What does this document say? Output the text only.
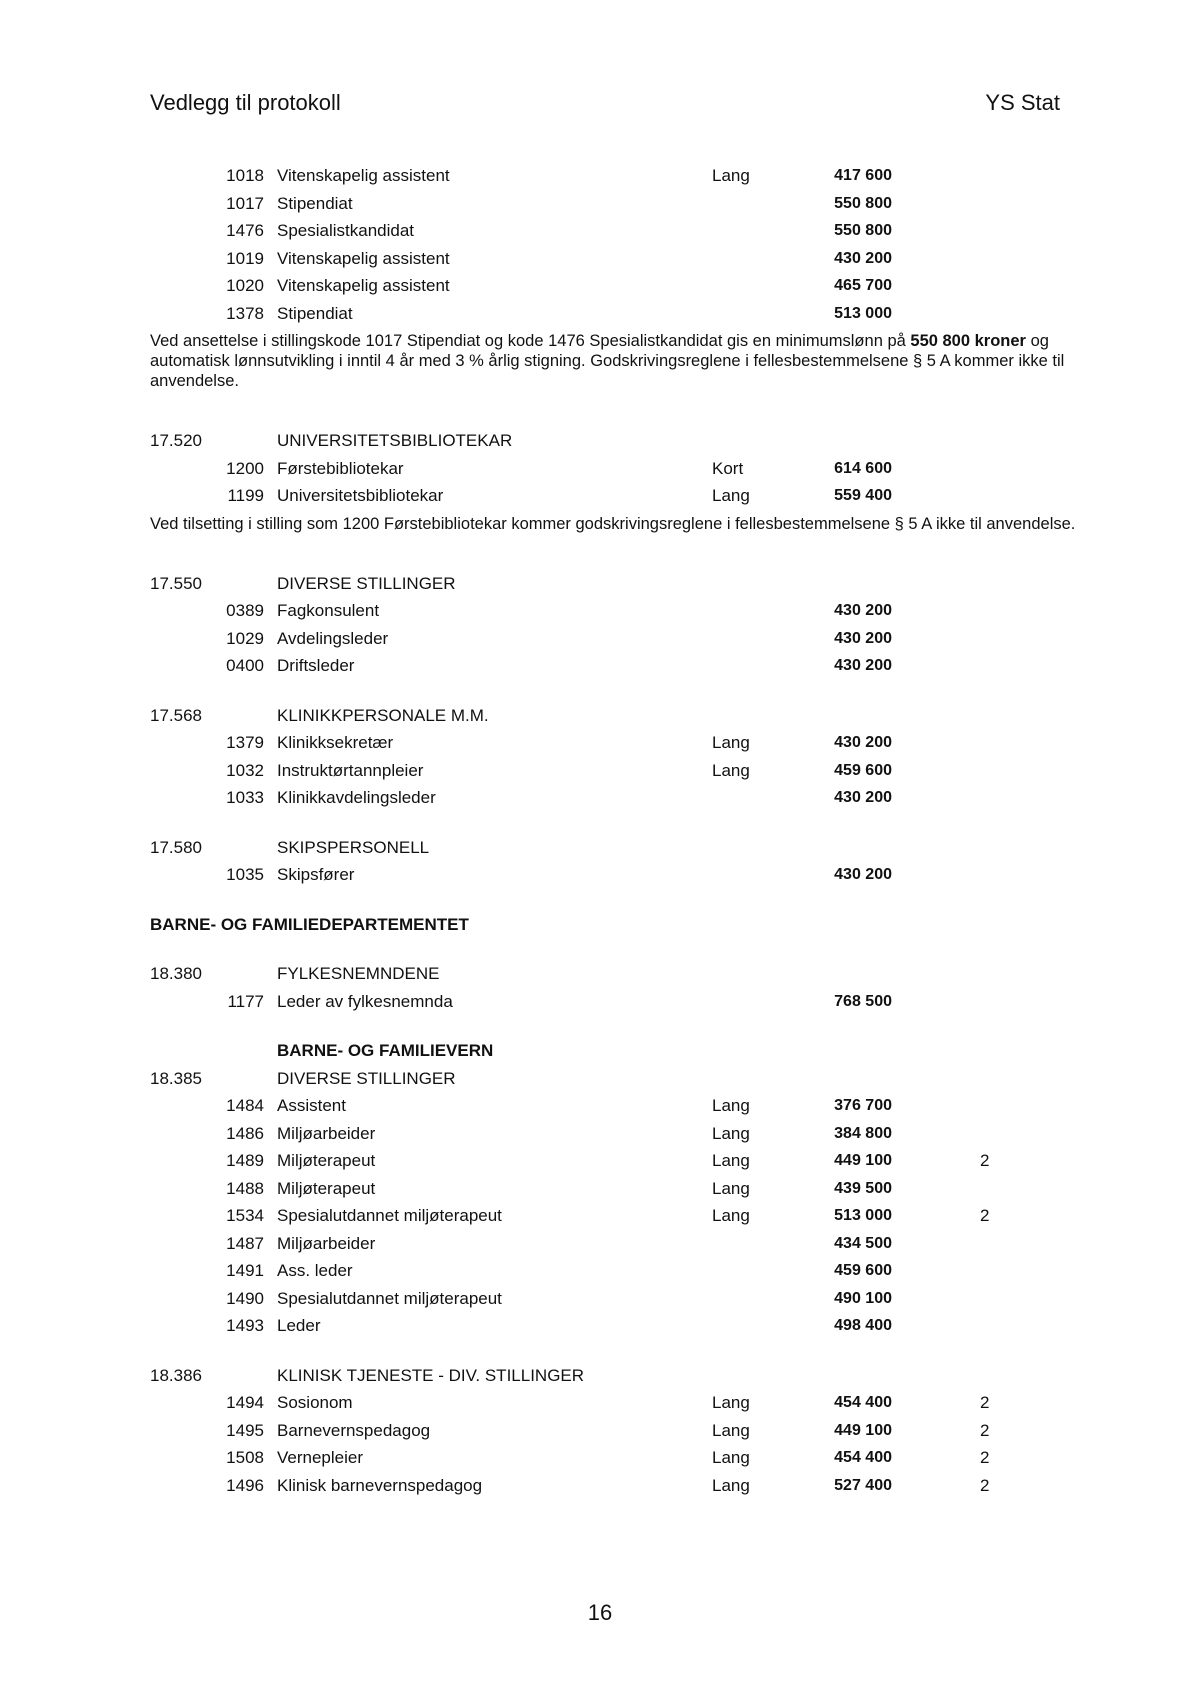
Vedlegg til protokoll	YS Stat
1018 Vitenskapelig assistent	Lang	417 600
1017 Stipendiat	550 800
1476 Spesialistkandidat	550 800
1019 Vitenskapelig assistent	430 200
1020 Vitenskapelig assistent	465 700
1378 Stipendiat	513 000

Ved ansettelse i stillingskode 1017 Stipendiat og kode 1476 Spesialistkandidat gis en minimumslønn på 550 800 kroner og automatisk lønnsutvikling i inntil 4 år med 3 % årlig stigning. Godskrivingsreglene i fellesbestemmelsene § 5 A kommer ikke til anvendelse.

17.520	UNIVERSITETSBIBLIOTEKAR
1200 Førstebibliotekar	Kort	614 600
1199 Universitetsbibliotekar	Lang	559 400

Ved tilsetting i stilling som 1200 Førstebibliotekar kommer godskrivingsreglene i fellesbestemmelsene § 5 A ikke til anvendelse.

17.550	DIVERSE STILLINGER
0389 Fagkonsulent	430 200
1029 Avdelingsleder	430 200
0400 Driftsleder	430 200
17.568	KLINIKKPERSONALE M.M.
1379 Klinikksekretær	Lang	430 200
1032 Instruktørtannpleier	Lang	459 600
1033 Klinikkavdelingsleder	430 200
17.580	SKIPSPERSONELL
1035 Skipsfører	430 200
BARNE- OG FAMILIEDEPARTEMENTET
18.380	FYLKESNEMNDENE
1177 Leder av fylkesnemnda	768 500
BARNE- OG FAMILIEVERN
18.385	DIVERSE STILLINGER
1484 Assistent	Lang	376 700
1486 Miljøarbeider	Lang	384 800
1489 Miljøterapeut	Lang	449 100	2
1488 Miljøterapeut	Lang	439 500
1534 Spesialutdannet miljøterapeut	Lang	513 000	2
1487 Miljøarbeider	434 500
1491 Ass. leder	459 600
1490 Spesialutdannet miljøterapeut	490 100
1493 Leder	498 400
18.386	KLINISK TJENESTE - DIV. STILLINGER
1494 Sosionom	Lang	454 400	2
1495 Barnevernspedagog	Lang	449 100	2
1508 Vernepleier	Lang	454 400	2
1496 Klinisk barnevernspedagog	Lang	527 400	2
16
